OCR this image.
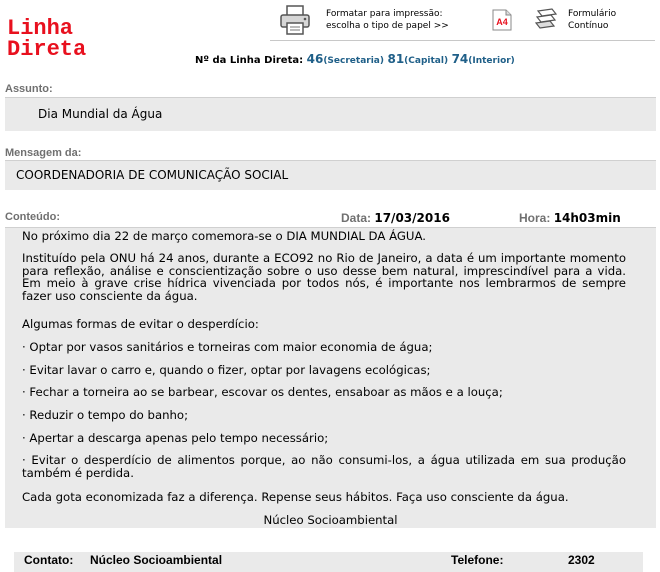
Linha
Direta
Formatar para impressão:
escolha o tipo de papel >>	A4
Formulário
Contínuo
Nº da Linha Direta: 46(Secretaria) 81(Capital) 74(Interior)
Assunto:
Dia Mundial da Água
Mensagem da:
COORDENADORIA DE COMUNICAÇÃO SOCIAL
Conteúdo:	Data: 17/03/2016	Hora: 14h03min

No próximo dia 22 de março comemora-se o DIA MUNDIAL DA ÁGUA.

Instituído pela ONU há 24 anos, durante a ECO92 no Rio de Janeiro, a data é um importante momento para reflexão, análise e conscientização sobre o uso desse bem natural, imprescindível para a vida. Em meio à grave crise hídrica vivenciada por todos nós, é importante nos lembrarmos de sempre fazer uso consciente da água.

Algumas formas de evitar o desperdício:

· Optar por vasos sanitários e torneiras com maior economia de água;

· Evitar lavar o carro e, quando o fizer, optar por lavagens ecológicas;

· Fechar a torneira ao se barbear, escovar os dentes, ensaboar as mãos e a louça;

· Reduzir o tempo do banho;

· Apertar a descarga apenas pelo tempo necessário;

· Evitar o desperdício de alimentos porque, ao não consumi-los, a água utilizada em sua produção também é perdida.

Cada gota economizada faz a diferença. Repense seus hábitos. Faça uso consciente da água.

Núcleo Socioambiental
Contato: Núcleo Socioambiental	Telefone:	2302
